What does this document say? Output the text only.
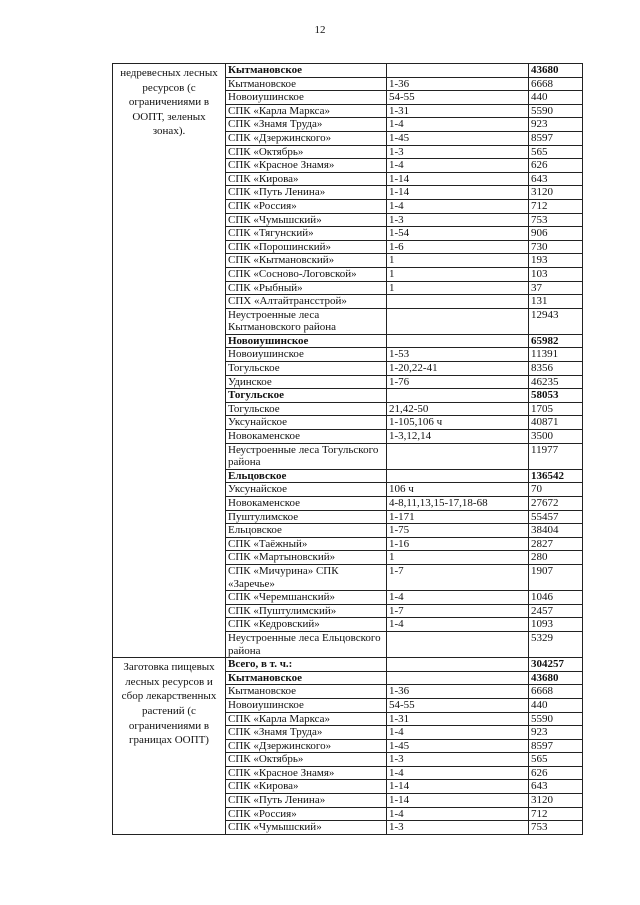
12
недревесных лесных ресурсов (с ограничениями в ООПТ, зеленых зонах).	Кытмановское		43680
	Кытмановское	1-36	6668
	Новоиушинское	54-55	440
	СПК «Карла Маркса»	1-31	5590
	СПК «Знамя Труда»	1-4	923
	СПК «Дзержинского»	1-45	8597
	СПК «Октябрь»	1-3	565
	СПК «Красное Знамя»	1-4	626
	СПК «Кирова»	1-14	643
	СПК «Путь Ленина»	1-14	3120
	СПК «Россия»	1-4	712
	СПК «Чумышский»	1-3	753
	СПК «Тягунский»	1-54	906
	СПК «Порошинский»	1-6	730
	СПК «Кытмановский»	1	193
	СПК «Сосново-Логовской»	1	103
	СПК «Рыбный»	1	37
	СПХ «Алтайтрансстрой»		131
	Неустроенные леса Кытмановского района		12943
	Новоиушинское		65982
	Новоиушинское	1-53	11391
	Тогульское	1-20,22-41	8356
	Удинское	1-76	46235
	Тогульское		58053
	Тогульское	21,42-50	1705
	Уксунайское	1-105,106 ч	40871
	Новокаменское	1-3,12,14	3500
	Неустроенные леса Тогульского района		11977
	Ельцовское		136542
	Уксунайское	106 ч	70
	Новокаменское	4-8,11,13,15-17,18-68	27672
	Пуштулимское	1-171	55457
	Ельцовское	1-75	38404
	СПК «Таёжный»	1-16	2827
	СПК «Мартыновский»	1	280
	СПК «Мичурина» СПК «Заречье»	1-7	1907
	СПК «Черемшанский»	1-4	1046
	СПК «Пуштулимский»	1-7	2457
	СПК «Кедровский»	1-4	1093
	Неустроенные леса Ельцовского района		5329
Заготовка пищевых лесных ресурсов и сбор лекарственных растений (с ограничениями в границах ООПТ)	Всего, в т. ч.:		304257
	Кытмановское		43680
	Кытмановское	1-36	6668
	Новоиушинское	54-55	440
	СПК «Карла Маркса»	1-31	5590
	СПК «Знамя Труда»	1-4	923
	СПК «Дзержинского»	1-45	8597
	СПК «Октябрь»	1-3	565
	СПК «Красное Знамя»	1-4	626
	СПК «Кирова»	1-14	643
	СПК «Путь Ленина»	1-14	3120
	СПК «Россия»	1-4	712
	СПК «Чумышский»	1-3	753
